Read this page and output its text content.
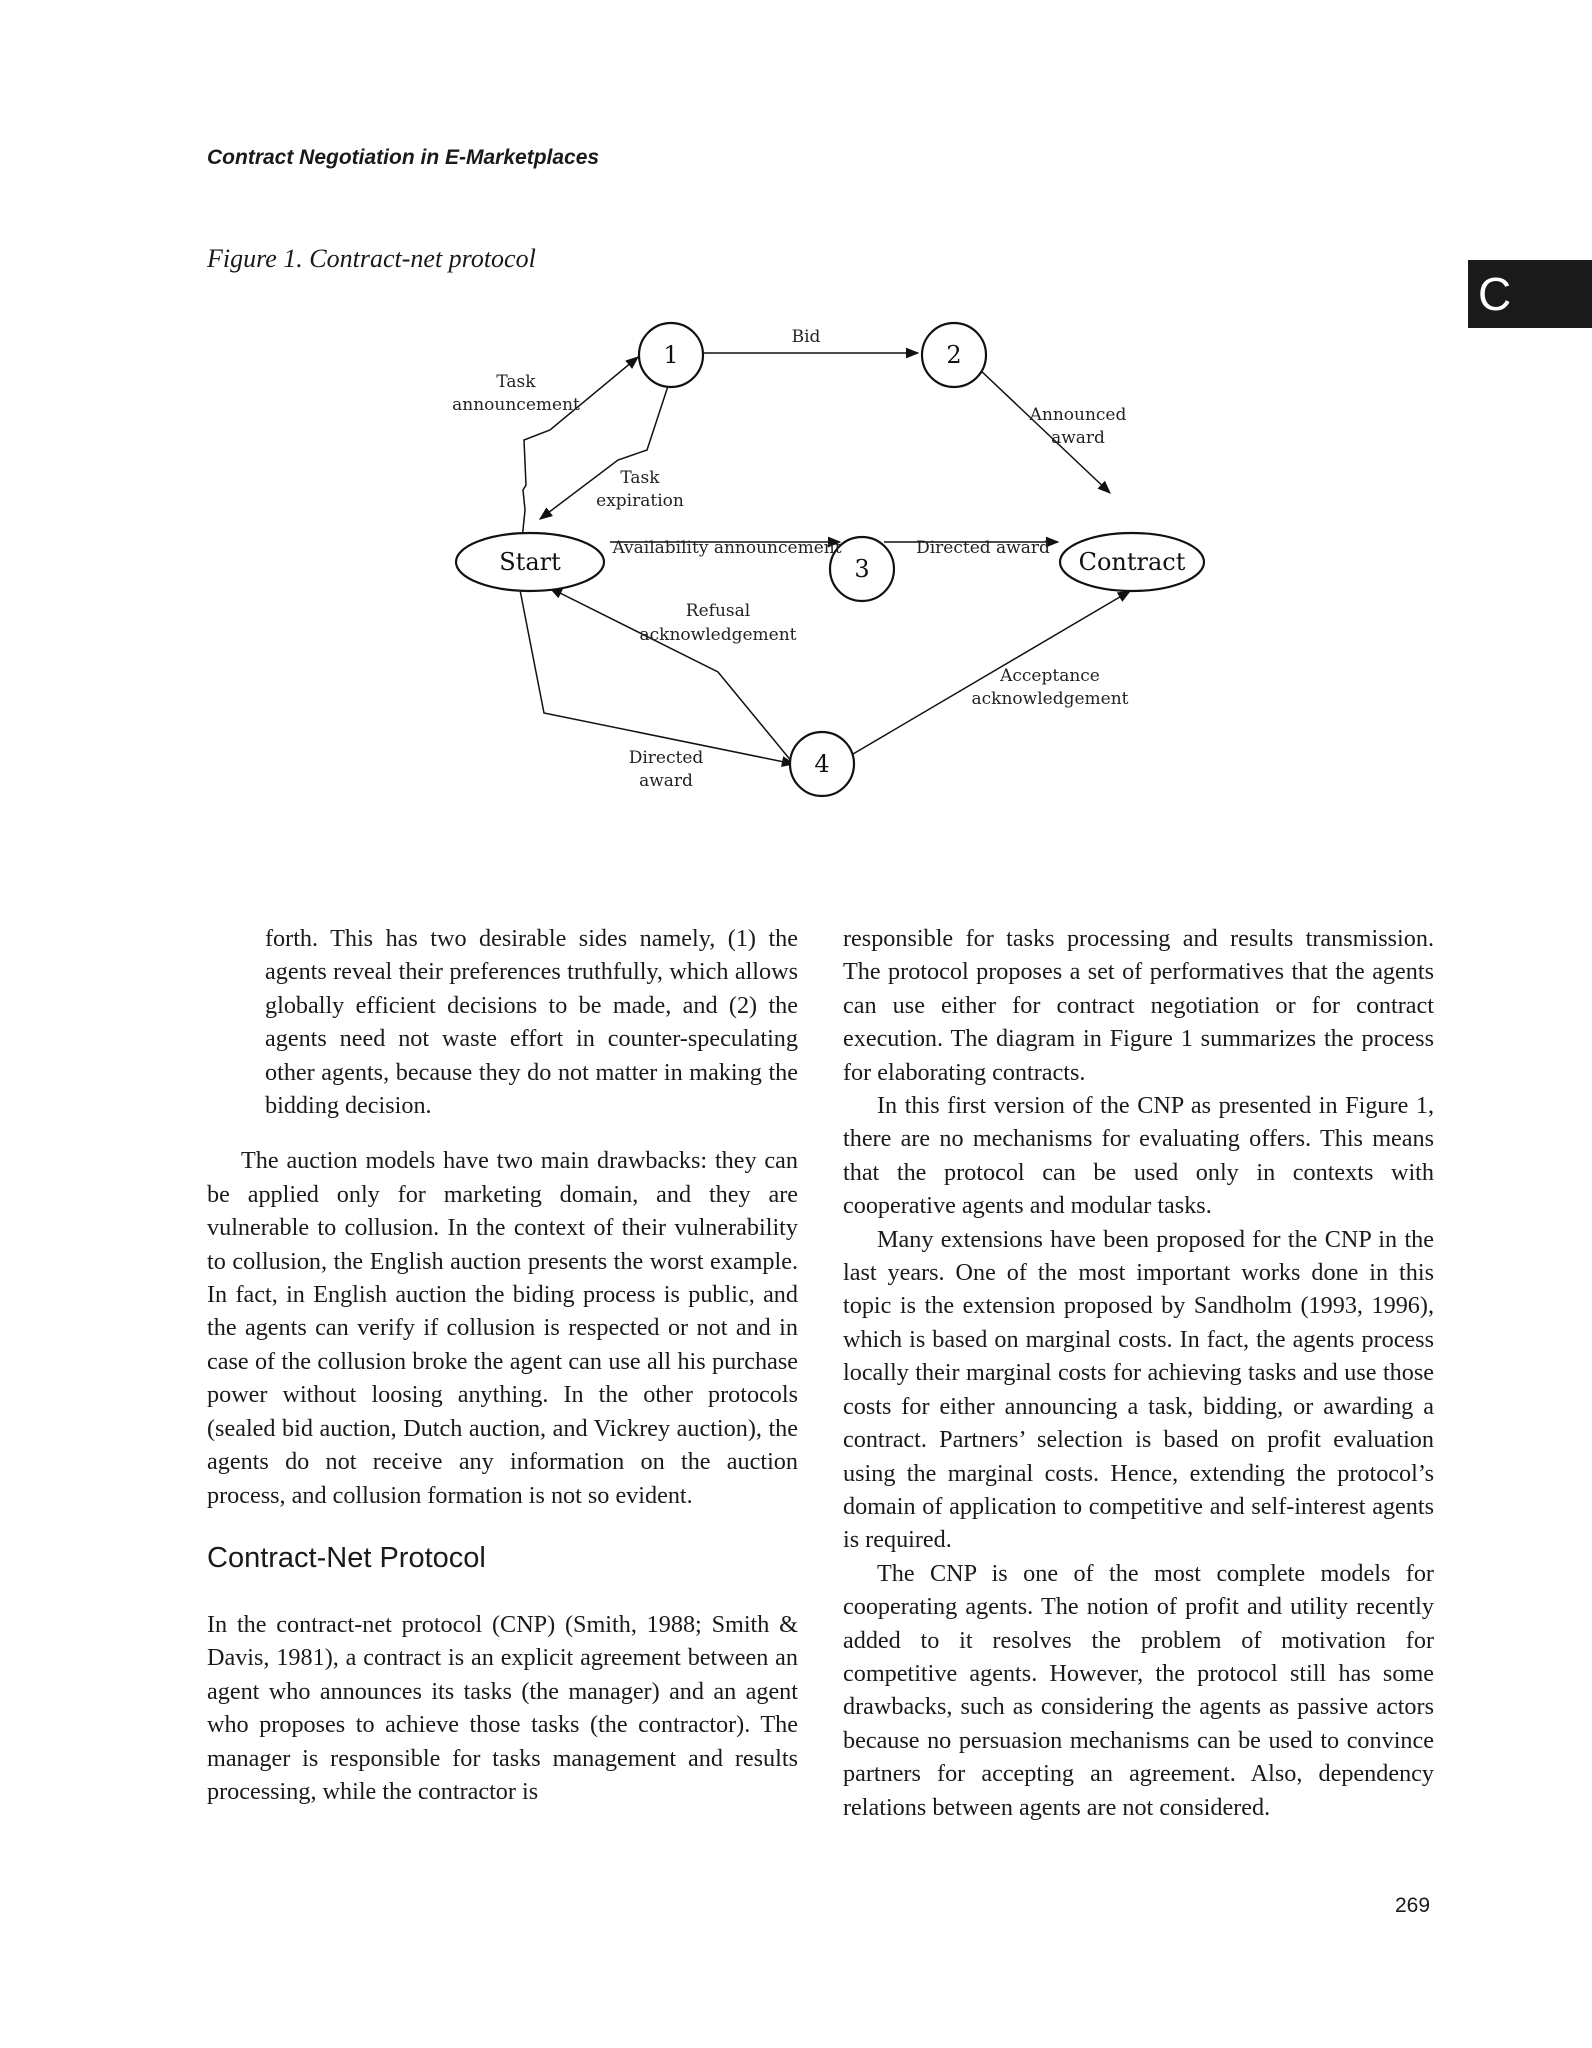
Contract Negotiation in E-Marketplaces

Figure 1. Contract-net protocol

C
Start
1	2
3
4
Contract
Task
announcement
Bid
Announced
award
Task
expiration
Availability announcement	Directed award
Refusal
acknowledgement
Acceptance
acknowledgement
Directed
award

forth. This has two desirable sides namely, (1) the agents reveal their preferences truthfully, which allows globally efficient decisions to be made, and (2) the agents need not waste effort in counter-speculating other agents, because they do not matter in making the bidding decision.

The auction models have two main drawbacks: they can be applied only for marketing domain, and they are vulnerable to collusion. In the context of their vulnerability to collusion, the English auction presents the worst example. In fact, in English auction the biding process is public, and the agents can verify if collusion is respected or not and in case of the collusion broke the agent can use all his purchase power without loosing anything. In the other protocols (sealed bid auction, Dutch auction, and Vickrey auction), the agents do not receive any information on the auction process, and collusion formation is not so evident.

Contract-Net Protocol

In the contract-net protocol (CNP) (Smith, 1988; Smith & Davis, 1981), a contract is an explicit agreement between an agent who announces its tasks (the manager) and an agent who proposes to achieve those tasks (the contractor). The manager is responsible for tasks management and results processing, while the contractor is

responsible for tasks processing and results transmission. The protocol proposes a set of performatives that the agents can use either for contract negotiation or for contract execution. The diagram in Figure 1 summarizes the process for elaborating contracts.

In this first version of the CNP as presented in Figure 1, there are no mechanisms for evaluating offers. This means that the protocol can be used only in contexts with cooperative agents and modular tasks.

Many extensions have been proposed for the CNP in the last years. One of the most important works done in this topic is the extension proposed by Sandholm (1993, 1996), which is based on marginal costs. In fact, the agents process locally their marginal costs for achieving tasks and use those costs for either announcing a task, bidding, or awarding a contract. Partners’ selection is based on profit evaluation using the marginal costs. Hence, extending the protocol’s domain of application to competitive and self-interest agents is required.

The CNP is one of the most complete models for cooperating agents. The notion of profit and utility recently added to it resolves the problem of motivation for competitive agents. However, the protocol still has some drawbacks, such as considering the agents as passive actors because no persuasion mechanisms can be used to convince partners for accepting an agreement. Also, dependency relations between agents are not considered.

269
